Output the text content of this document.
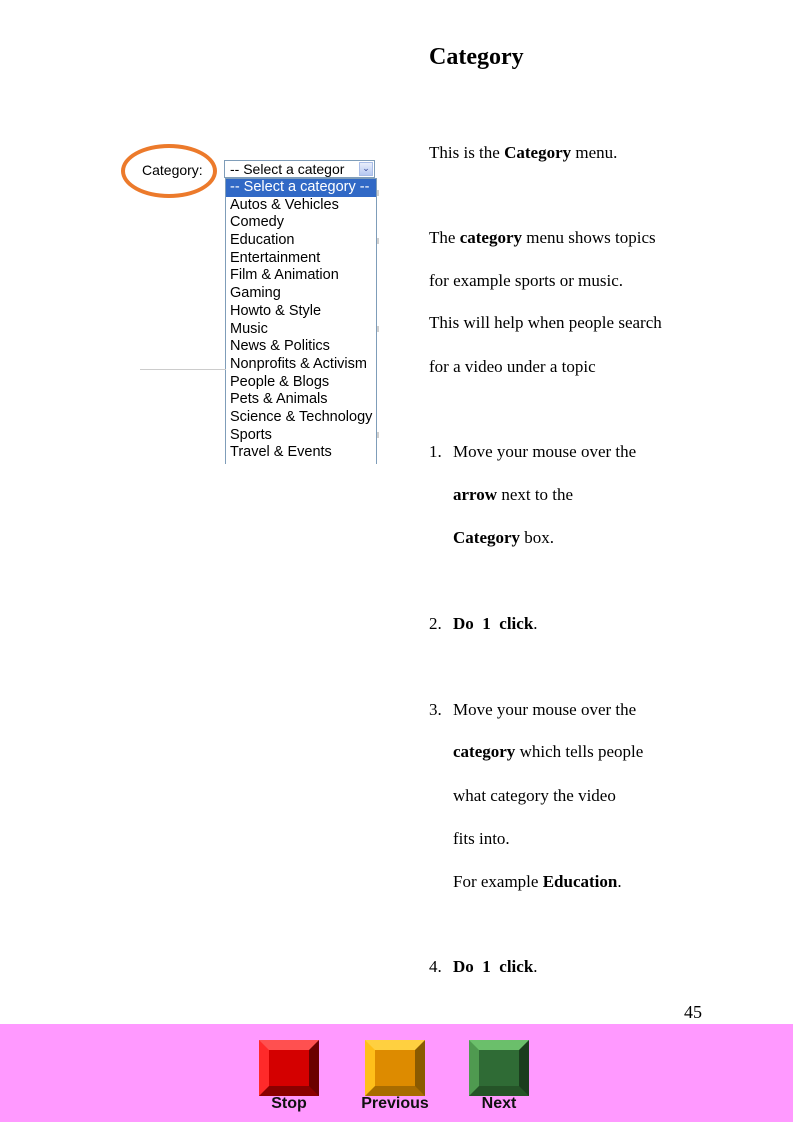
Category: -- Select a categor	⌄
-- Select a category --
Autos & Vehicles
Comedy
Education
Entertainment
Film & Animation
Gaming
Howto & Style
Music
News & Politics
Nonprofits & Activism
People & Blogs
Pets & Animals
Science & Technology
Sports
Travel & Events
Category
This is the Category menu.
The category menu shows topics
for example sports or music.
This will help when people search
for a video under a topic
1. Move your mouse over the
arrow next to the
Category box.
2. Do  1  click.
3. Move your mouse over the
category which tells people
what category the video
fits into.
For example Education.
4. Do  1  click.
45
Stop	Previous	Next
